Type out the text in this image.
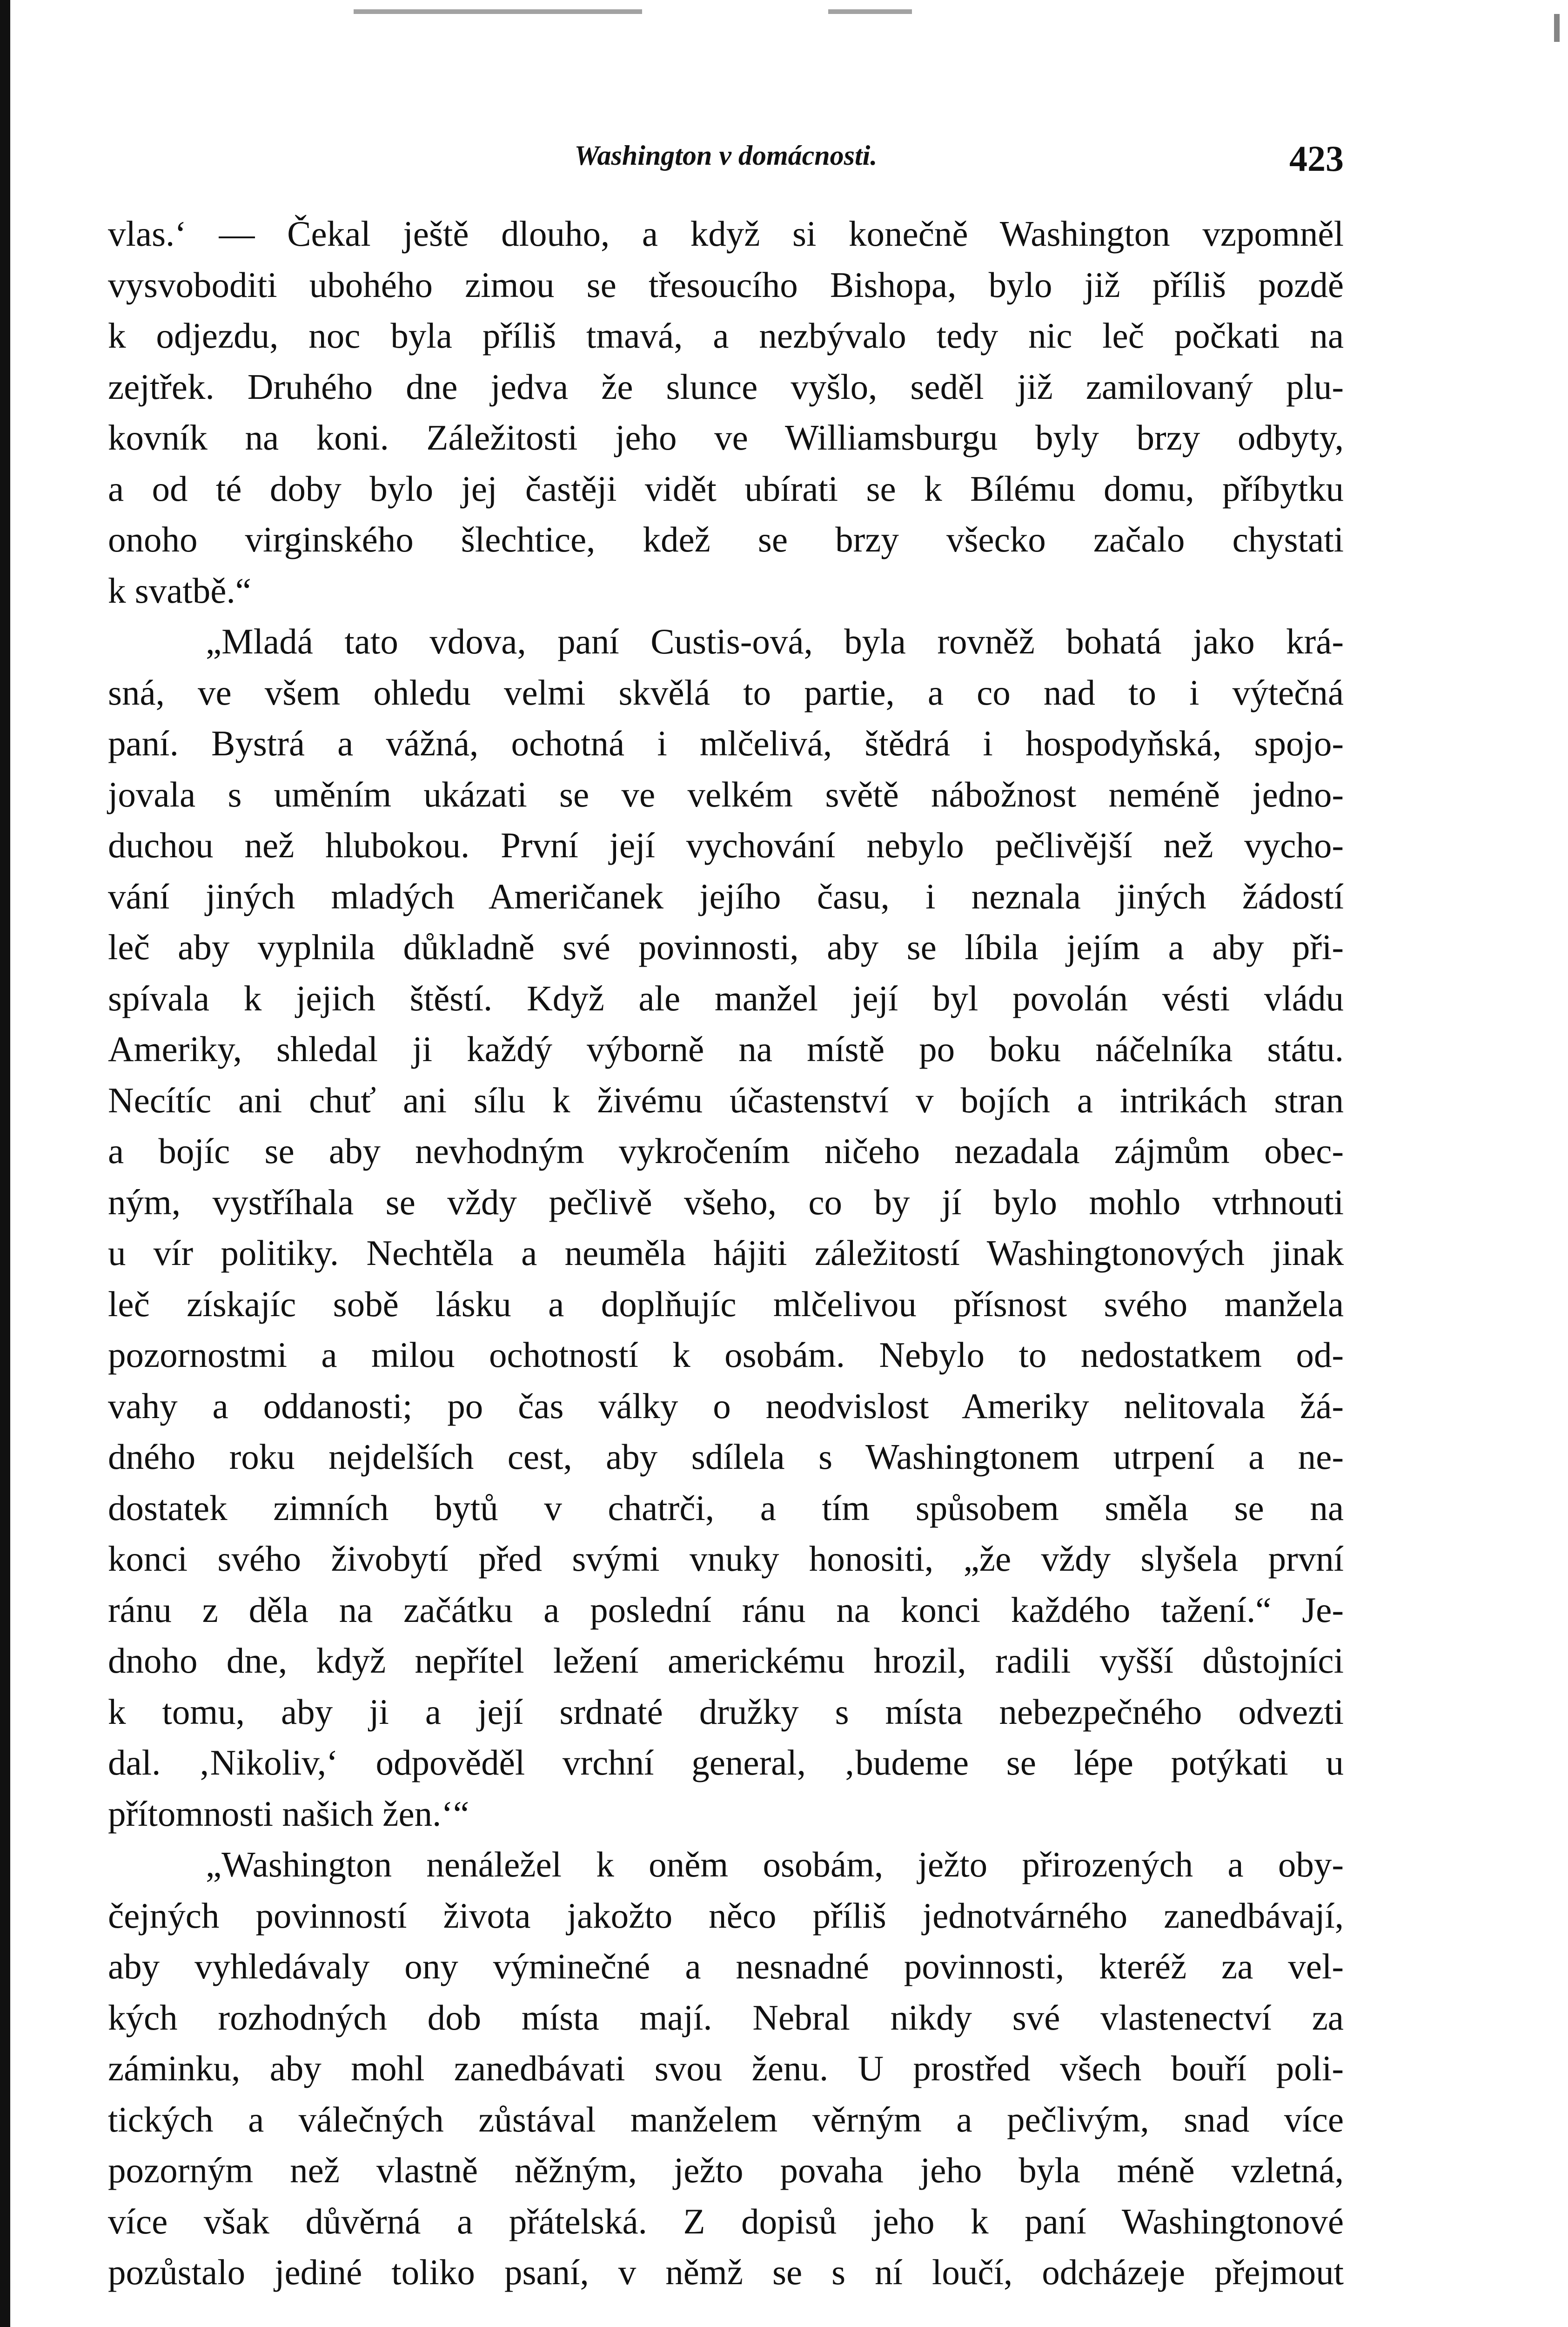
Washington v domácnosti.	423
vlas.‘ — Čekal ještě dlouho, a když si konečně Washington vzpomněl
vysvoboditi ubohého zimou se třesoucího Bishopa, bylo již příliš pozdě
k odjezdu, noc byla příliš tmavá, a nezbývalo tedy nic leč počkati na
zejtřek. Druhého dne jedva že slunce vyšlo, seděl již zamilovaný plu-
kovník na koni. Záležitosti jeho ve Williamsburgu byly brzy odbyty,
a od té doby bylo jej častěji vidět ubírati se k Bílému domu, příbytku
onoho virginského šlechtice, kdež se brzy všecko začalo chystati
k svatbě.“
„Mladá tato vdova, paní Custis-ová, byla rovněž bohatá jako krá-
sná, ve všem ohledu velmi skvělá to partie, a co nad to i výtečná
paní. Bystrá a vážná, ochotná i mlčelivá, štědrá i hospodyňská, spojo-
jovala s uměním ukázati se ve velkém světě nábožnost neméně jedno-
duchou než hlubokou. První její vychování nebylo pečlivější než vycho-
vání jiných mladých Američanek jejího času, i neznala jiných žádostí
leč aby vyplnila důkladně své povinnosti, aby se líbila jejím a aby při-
spívala k jejich štěstí. Když ale manžel její byl povolán vésti vládu
Ameriky, shledal ji každý výborně na místě po boku náčelníka státu.
Necítíc ani chuť ani sílu k živému účastenství v bojích a intrikách stran
a bojíc se aby nevhodným vykročením ničeho nezadala zájmům obec-
ným, vystříhala se vždy pečlivě všeho, co by jí bylo mohlo vtrhnouti
u vír politiky. Nechtěla a neuměla hájiti záležitostí Washingtonových jinak
leč získajíc sobě lásku a doplňujíc mlčelivou přísnost svého manžela
pozornostmi a milou ochotností k osobám. Nebylo to nedostatkem od-
vahy a oddanosti; po čas války o neodvislost Ameriky nelitovala žá-
dného roku nejdelších cest, aby sdílela s Washingtonem utrpení a ne-
dostatek zimních bytů v chatrči, a tím spůsobem směla se na
konci svého živobytí před svými vnuky honositi, „že vždy slyšela první
ránu z děla na začátku a poslední ránu na konci každého tažení.“ Je-
dnoho dne, když nepřítel ležení americkému hrozil, radili vyšší důstojníci
k tomu, aby ji a její srdnaté družky s místa nebezpečného odvezti
dal. ‚Nikoliv,‘ odpověděl vrchní general, ‚budeme se lépe potýkati u
přítomnosti našich žen.‘“
„Washington nenáležel k oněm osobám, ježto přirozených a oby-
čejných povinností života jakožto něco příliš jednotvárného zanedbávají,
aby vyhledávaly ony výminečné a nesnadné povinnosti, kteréž za vel-
kých rozhodných dob místa mají. Nebral nikdy své vlastenectví za
záminku, aby mohl zanedbávati svou ženu. U prostřed všech bouří poli-
tických a válečných zůstával manželem věrným a pečlivým, snad více
pozorným než vlastně něžným, ježto povaha jeho byla méně vzletná,
více však důvěrná a přátelská. Z dopisů jeho k paní Washingtonové
pozůstalo jediné toliko psaní, v němž se s ní loučí, odcházeje přejmout
